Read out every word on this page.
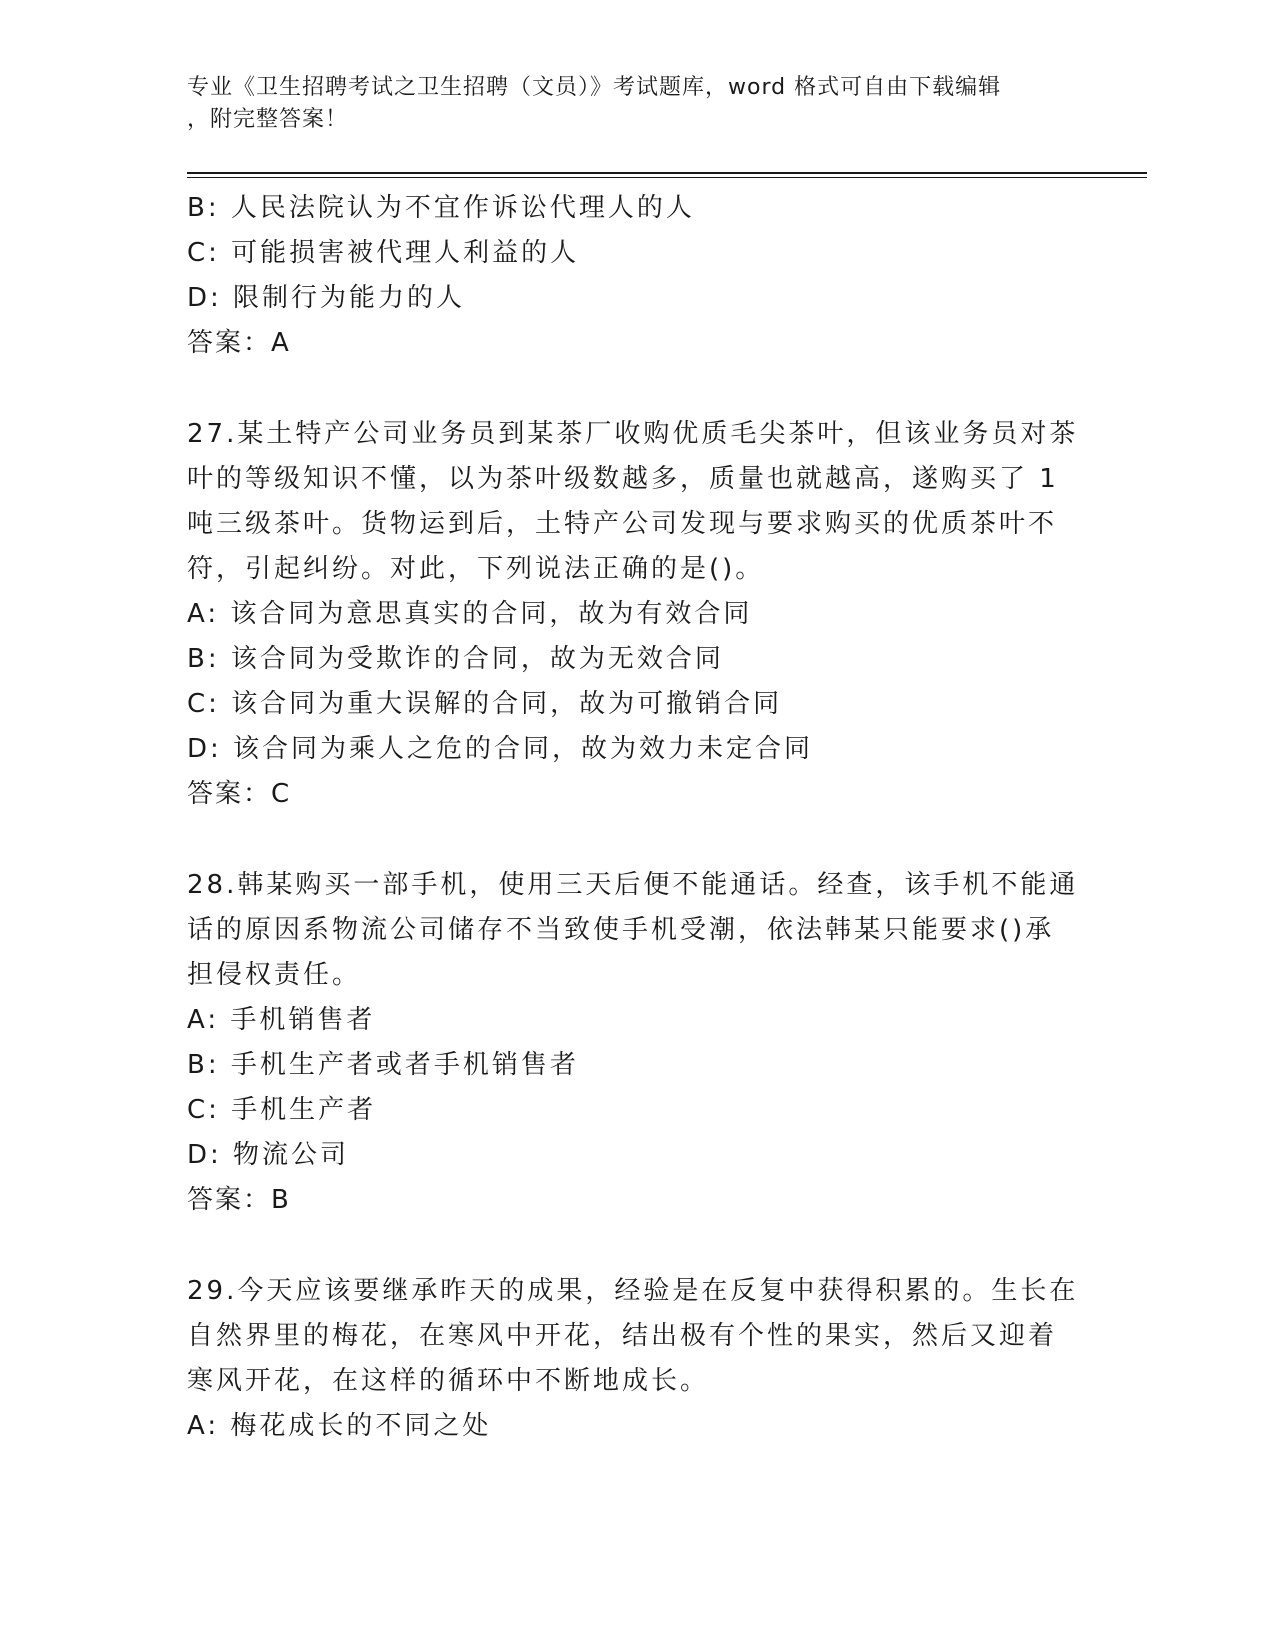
专业《卫生招聘考试之卫生招聘（文员）》考试题库，word 格式可自由下载编辑
，附完整答案！
B: 人民法院认为不宜作诉讼代理人的人
C: 可能损害被代理人利益的人
D: 限制行为能力的人
答案：A
27.某土特产公司业务员到某茶厂收购优质毛尖茶叶，但该业务员对茶
叶的等级知识不懂，以为茶叶级数越多，质量也就越高，遂购买了 1
吨三级茶叶。货物运到后，土特产公司发现与要求购买的优质茶叶不
符，引起纠纷。对此，下列说法正确的是()。
A: 该合同为意思真实的合同，故为有效合同
B: 该合同为受欺诈的合同，故为无效合同
C: 该合同为重大误解的合同，故为可撤销合同
D: 该合同为乘人之危的合同，故为效力未定合同
答案：C
28.韩某购买一部手机，使用三天后便不能通话。经查，该手机不能通
话的原因系物流公司储存不当致使手机受潮，依法韩某只能要求()承
担侵权责任。
A: 手机销售者
B: 手机生产者或者手机销售者
C: 手机生产者
D: 物流公司
答案：B
29.今天应该要继承昨天的成果，经验是在反复中获得积累的。生长在
自然界里的梅花，在寒风中开花，结出极有个性的果实，然后又迎着
寒风开花，在这样的循环中不断地成长。
A: 梅花成长的不同之处
